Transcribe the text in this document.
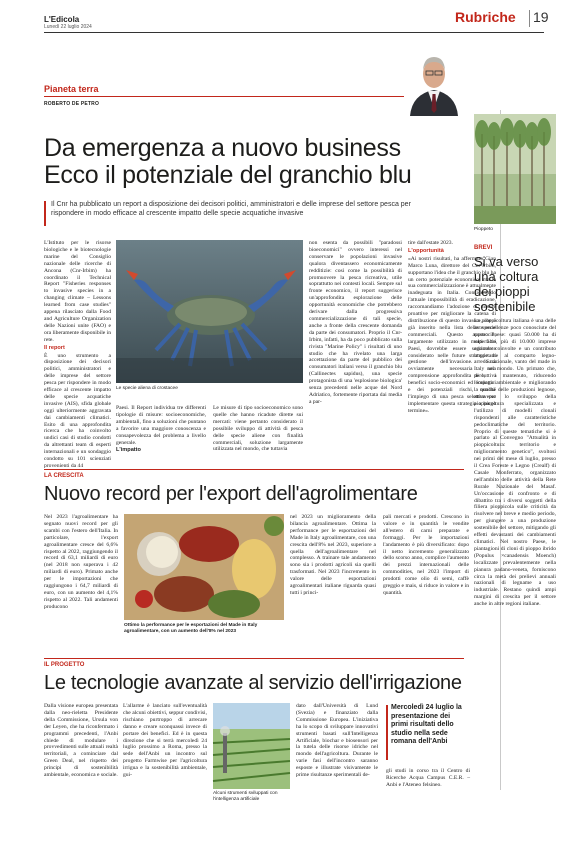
L'Edicola
Lunedì 22 luglio 2024
Rubriche 19
Pianeta terra
ROBERTO DE PETRO
Da emergenza a nuovo business
Ecco il potenziale del granchio blu
Il Cnr ha pubblicato un report a disposizione dei decisori politici, amministratori e delle imprese del settore pesca per rispondere in modo efficace al crescente impatto delle specie acquatiche invasive

L'Istituto per le risorse biologiche e le biotecnologie marine del Consiglio nazionale delle ricerche di Ancona (Cnr-Irbim) ha coordinato il Technical Report "Fisheries responses to invasive species in a changing climate – Lessons learned from case studies" appena rilasciato dalla Food and Agriculture Organization delle Nazioni unite (FAO) e ora liberamente disponibile in rete.

Il report

È uno strumento a disposizione dei decisori politici, amministratori e delle imprese del settore pesca per rispondere in modo efficace al crescente impatto delle specie acquatiche invasive (AIS), sfida globale oggi ulteriormente aggravata dai cambiamenti climatici. Esito di una approfondita ricerca che ha coinvolto undici casi di studio condotti da altrettanti team di esperti internazionali e un sondaggio condotto su 101 scienziati provenienti da 44

Le specie aliena di crostacee

Paesi. Il Report individua tre differenti tipologie di misure: socioeconomiche, ambientali, fino a soluzioni che puntano a favorire una maggiore conoscenza e consapevolezza del problema a livello generale.

L'impatto

Le misure di tipo socioeconomico sono quelle che hanno ricadute dirette sui mercati: viene pertanto considerato il possibile sviluppo di attività di pesca delle specie aliene con finalità commerciali, soluzione largamente utilizzata nel mondo, che tuttavia

non esenta da possibili "paradossi bioeconomici" ovvero interessi nel conservare le popolazioni invasive qualora diventassero economicamente redditizie: così come la possibilità di promuovere la pesca ricreativa, utile soprattutto nei contesti locali. Sempre sul fronte economico, il report suggerisce un'approfondita esplorazione delle opportunità economiche che potrebbero derivare dalla progressiva commercializzazione di tali specie, anche a fronte della crescente domanda da parte dei consumatori. Proprio il Cnr-Irbim, infatti, ha da poco pubblicato sulla rivista "Marine Policy" i risultati di uno studio che ha rivelato una larga accettazione da parte del pubblico dei consumatori italiani verso il granchio blu (Callinectes sapidus), una specie protagonista di una 'esplosione biologica' senza precedenti nelle acque del Nord Adriatico, fortemente riportata dai media a par-

tire dall'estate 2023.

L'opportunità

«Ai nostri risultati, ha affermato Gian Marco Luna, direttore del Cnr-Irbim, supportano l'idea che il granchio blu ha un certo potenziale economico, ma la sua commercializzazione è attualmente inadeguata in Italia. Considerando l'attuale impossibilità di eradicazione, raccomandiamo l'adozione di misure proattive per migliorare la catena di distribuzione di questo invasore, che è già inserito nella lista delle specie commerciali. Questo approccio, largamente utilizzato in molti altri Paesi, dovrebbe essere seriamente considerato nelle future strategie di gestione dell'invasione. Sarà ovviamente necessaria una comprensione approfondita di tutti i benefici socio-economici ed ecologici e dei potenziali rischi, nonché l'impiego di una pesca selettiva per implementare questa strategia a lungo termine».

Pioppeto
BREVI
Si va verso una coltura dei pioppi sostenibile

La pioppicoltura italiana è una delle ante eccellenze poco conosciute del nostro Paese: quasi 50.000 ha di superficie, più di 10.000 imprese agricole coinvolte e un contributo importante al comparto legno-arredo nazionale, vanto del made in Italy nel mondo. Un primato che, però, va mantenuto, riducendo l'impatto ambientale e migliorando la qualità delle produzioni legnose, attraverso lo sviluppo della pioppicoltura specializzata e l'utilizzo di modelli clonali rispondenti alle caratteristiche pedoclimatiche del territorio. Proprio di queste tematiche si è parlato al Convegno "Attualità in pioppicoltura: territorio e miglioramento genetico", svoltosi nei primi del mese di luglio, presso il Crea Foreste e Legno (Crealf) di Casale Monferrato, organizzato nell'ambito delle attività della Rete Rurale Nazionale del Masaf. Un'occasione di confronto e di dibattito tra i diversi soggetti della filiera pioppicola sulle criticità da risolvere nel breve e medio periodo, per giungere a una produzione sostenibile del settore, mitigando gli effetti devastanti dei cambiamenti climatici. Nel nostro Paese, le piantagioni di cloni di pioppo ibrido (Populus ×canadensis Moench) localizzate prevalentemente nella pianura padano-veneta, forniscono circa la metà dei prelievi annuali nazionali di legname a uso industriale. Restano quindi ampi margini di crescita per il settore anche in altre regioni italiane.

LA CRESCITA
Nuovo record per l'export dell'agrolimentare

Nel 2023 l'agroalimentare ha segnato nuovi record per gli scambi con l'estero dell'Italia. In particolare, l'export agroalimentare cresce del 6,6% rispetto al 2022, raggiungendo il record di 63,1 miliardi di euro (nel 2018 non superava i 42 miliardi di euro). Primato anche per le importazioni che raggiungono i 64,7 miliardi di euro, con un aumento del 4,1% rispetto al 2022. Tali andamenti producono

Ottimo la performance per le esportazioni del Made in Italy agroalimentare, con un aumento dell'8% nel 2023

nel 2023 un miglioramento della bilancia agroalimentare. Ottima la performance per le esportazioni del Made in Italy agroalimentare, con una crescita dell'8% nel 2023, superiore a quella dell'agroalimentare nel complesso. A trainare tale andamento sono sia i prodotti agricoli sia quelli trasformati. Nel 2023 l'incremento in valore delle esportazioni agroalimentari italiane riguarda quasi tutti i princi-

pali mercati e prodotti. Crescono in valore e in quantità le vendite all'estero di carni preparate e formaggi. Per le importazioni l'andamento è più diversificato: dopo il netto incremento generalizzato dello scorso anno, complice l'aumento dei prezzi internazionali delle commodities, nel 2023 l'import di prodotti come olio di semi, caffè greggio e mais, si riduce in valore e in quantità.

IL PROGETTO
Le tecnologie avanzate al servizio dell'irrigazione

Dalla visione europea presentata dalla neo-rieletta Presidente della Commissione, Ursula von der Leyen, che ha riconfermato i programmi precedenti, l'Anbi chiede di modulare i provvedimenti sulle attuali realtà territoriali, a cominciare dal Green Deal, nel rispetto dei principi di sostenibilità ambientale, economica e sociale.

L'allarme è lanciato sull'eventualità che alcuni obiettivi, seppur condivisi, rischiano purtroppo di arrecare danno e creare sconquassi invece di portare dei benefici. Ed è in questa direzione che si terrà mercoledì 24 luglio prossimo a Roma, presso la sede dell'Anbi un incontro sul progetto Farmwise per l'agricoltura irrigua e la sostenibilità ambientale, gui-

Alcuni strumenti sviluppati con l'intelligenza artificiale

dato dall'Università di Lund (Svezia) e finanziato dalla Commissione Europea. L'iniziativa ha lo scopo di sviluppare innovativi strumenti basati sull'Intelligenza Artificiale, biochar e biosensori per la tutela delle risorse idriche nel mondo dell'agricoltura. Durante le varie fasi dell'incontro saranno esposte e illustrate visivamente le prime risultanze sperimentali de-

Mercoledì 24 luglio la presentazione dei primi risultati dello studio nella sede romana dell'Anbi

gli studi in corso tra il Centro di Ricerche Acqua Campus C.E.R. – Anbi e l'Ateneo felsineo.
